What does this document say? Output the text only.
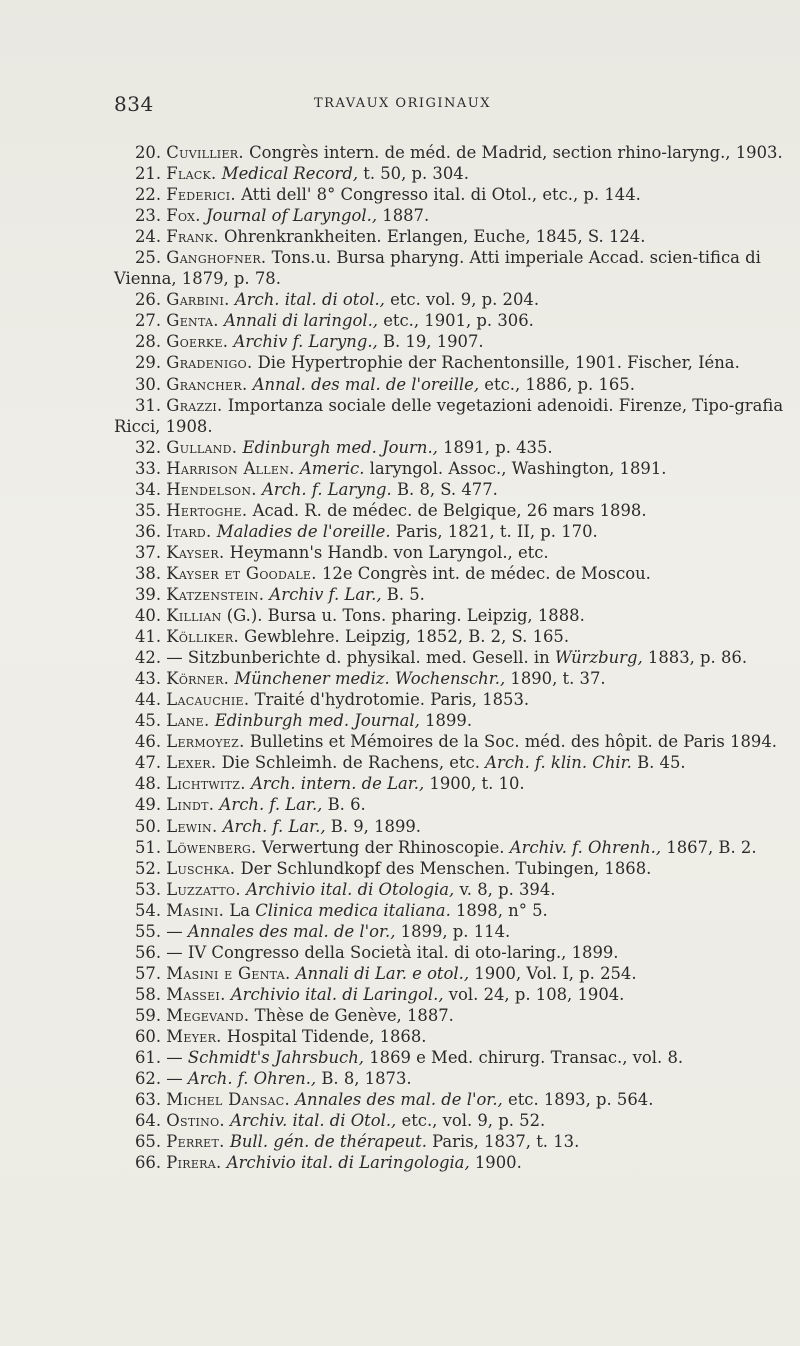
834	TRAVAUX ORIGINAUX
20. Cuvillier. Congrès intern. de méd. de Madrid, section rhino-laryng., 1903.
21. Flack. Medical Record, t. 50, p. 304.
22. Federici. Atti dell' 8° Congresso ital. di Otol., etc., p. 144.
23. Fox. Journal of Laryngol., 1887.
24. Frank. Ohrenkrankheiten. Erlangen, Euche, 1845, S. 124.
25. Ganghofner. Tons.u. Bursa pharyng. Atti imperiale Accad. scien-tifica di Vienna, 1879, p. 78.
26. Garbini. Arch. ital. di otol., etc. vol. 9, p. 204.
27. Genta. Annali di laringol., etc., 1901, p. 306.
28. Goerke. Archiv f. Laryng., B. 19, 1907.
29. Gradenigo. Die Hypertrophie der Rachentonsille, 1901. Fischer, Iéna.
30. Grancher. Annal. des mal. de l'oreille, etc., 1886, p. 165.
31. Grazzi. Importanza sociale delle vegetazioni adenoidi. Firenze, Tipo-grafia Ricci, 1908.
32. Gulland. Edinburgh med. Journ., 1891, p. 435.
33. Harrison Allen. Americ. laryngol. Assoc., Washington, 1891.
34. Hendelson. Arch. f. Laryng. B. 8, S. 477.
35. Hertoghe. Acad. R. de médec. de Belgique, 26 mars 1898.
36. Itard. Maladies de l'oreille. Paris, 1821, t. II, p. 170.
37. Kayser. Heymann's Handb. von Laryngol., etc.
38. Kayser et Goodale. 12e Congrès int. de médec. de Moscou.
39. Katzenstein. Archiv f. Lar., B. 5.
40. Killian (G.). Bursa u. Tons. pharing. Leipzig, 1888.
41. Kölliker. Gewblehre. Leipzig, 1852, B. 2, S. 165.
42. — Sitzbunberichte d. physikal. med. Gesell. in Würzburg, 1883, p. 86.
43. Körner. Münchener mediz. Wochenschr., 1890, t. 37.
44. Lacauchie. Traité d'hydrotomie. Paris, 1853.
45. Lane. Edinburgh med. Journal, 1899.
46. Lermoyez. Bulletins et Mémoires de la Soc. méd. des hôpit. de Paris 1894.
47. Lexer. Die Schleimh. de Rachens, etc. Arch. f. klin. Chir. B. 45.
48. Lichtwitz. Arch. intern. de Lar., 1900, t. 10.
49. Lindt. Arch. f. Lar., B. 6.
50. Lewin. Arch. f. Lar., B. 9, 1899.
51. Löwenberg. Verwertung der Rhinoscopie. Archiv. f. Ohrenh., 1867, B. 2.
52. Luschka. Der Schlundkopf des Menschen. Tubingen, 1868.
53. Luzzatto. Archivio ital. di Otologia, v. 8, p. 394.
54. Masini. La Clinica medica italiana. 1898, n° 5.
55. — Annales des mal. de l'or., 1899, p. 114.
56. — IV Congresso della Società ital. di oto-laring., 1899.
57. Masini e Genta. Annali di Lar. e otol., 1900, Vol. I, p. 254.
58. Massei. Archivio ital. di Laringol., vol. 24, p. 108, 1904.
59. Megevand. Thèse de Genève, 1887.
60. Meyer. Hospital Tidende, 1868.
61. — Schmidt's Jahrsbuch, 1869 e Med. chirurg. Transac., vol. 8.
62. — Arch. f. Ohren., B. 8, 1873.
63. Michel Dansac. Annales des mal. de l'or., etc. 1893, p. 564.
64. Ostino. Archiv. ital. di Otol., etc., vol. 9, p. 52.
65. Perret. Bull. gén. de thérapeut. Paris, 1837, t. 13.
66. Pirera. Archivio ital. di Laringologia, 1900.
